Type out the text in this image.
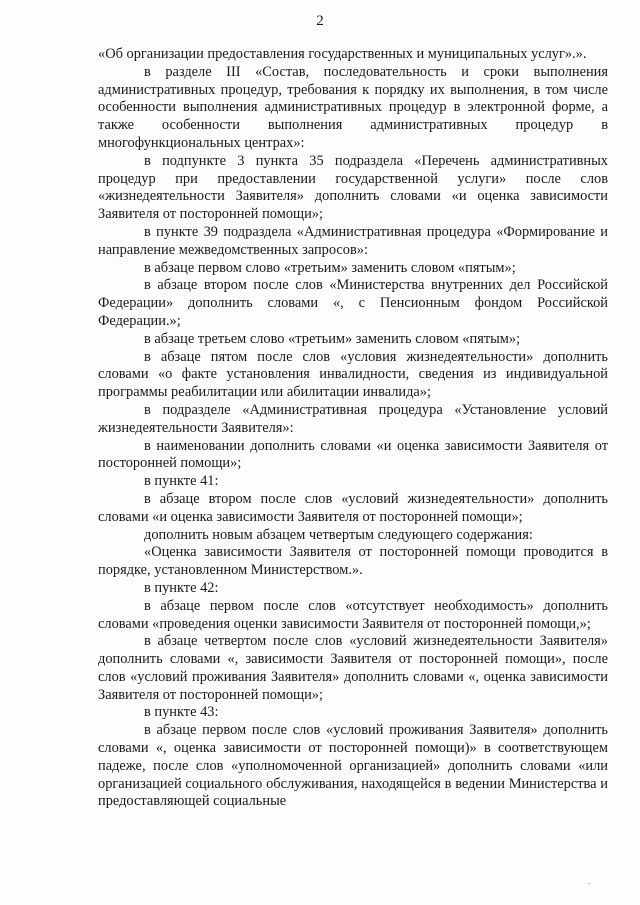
2

«Об организации предоставления государственных и муниципальных услуг».».

в разделе III «Состав, последовательность и сроки выполнения административных процедур, требования к порядку их выполнения, в том числе особенности выполнения административных процедур в электронной форме, а также особенности выполнения административных процедур в многофункциональных центрах»:

в подпункте 3 пункта 35 подраздела «Перечень административных процедур при предоставлении государственной услуги» после слов «жизнедеятельности Заявителя» дополнить словами «и оценка зависимости Заявителя от посторонней помощи»;

в пункте 39 подраздела «Административная процедура «Формирование и направление межведомственных запросов»:

в абзаце первом слово «третьим» заменить словом «пятым»;

в абзаце втором после слов «Министерства внутренних дел Российской Федерации» дополнить словами «, с Пенсионным фондом Российской Федерации.»;

в абзаце третьем слово «третьим» заменить словом «пятым»;

в абзаце пятом после слов «условия жизнедеятельности» дополнить словами «о факте установления инвалидности, сведения из индивидуальной программы реабилитации или абилитации инвалида»;

в подразделе «Административная процедура «Установление условий жизнедеятельности Заявителя»:

в наименовании дополнить словами «и оценка зависимости Заявителя от посторонней помощи»;

в пункте 41:

в абзаце втором после слов «условий жизнедеятельности» дополнить словами «и оценка зависимости Заявителя от посторонней помощи»;

дополнить новым абзацем четвертым следующего содержания:

«Оценка зависимости Заявителя от посторонней помощи проводится в порядке, установленном Министерством.».

в пункте 42:

в абзаце первом после слов «отсутствует необходимость» дополнить словами «проведения оценки зависимости Заявителя от посторонней помощи,»;

в абзаце четвертом после слов «условий жизнедеятельности Заявителя» дополнить словами «, зависимости Заявителя от посторонней помощи», после слов «условий проживания Заявителя» дополнить словами «, оценка зависимости Заявителя от посторонней помощи»;

в пункте 43:

в абзаце первом после слов «условий проживания Заявителя» дополнить словами «, оценка зависимости от посторонней помощи)» в соответствующем падеже, после слов «уполномоченной организацией» дополнить словами «или организацией социального обслуживания, находящейся в ведении Министерства и предоставляющей социальные

.
